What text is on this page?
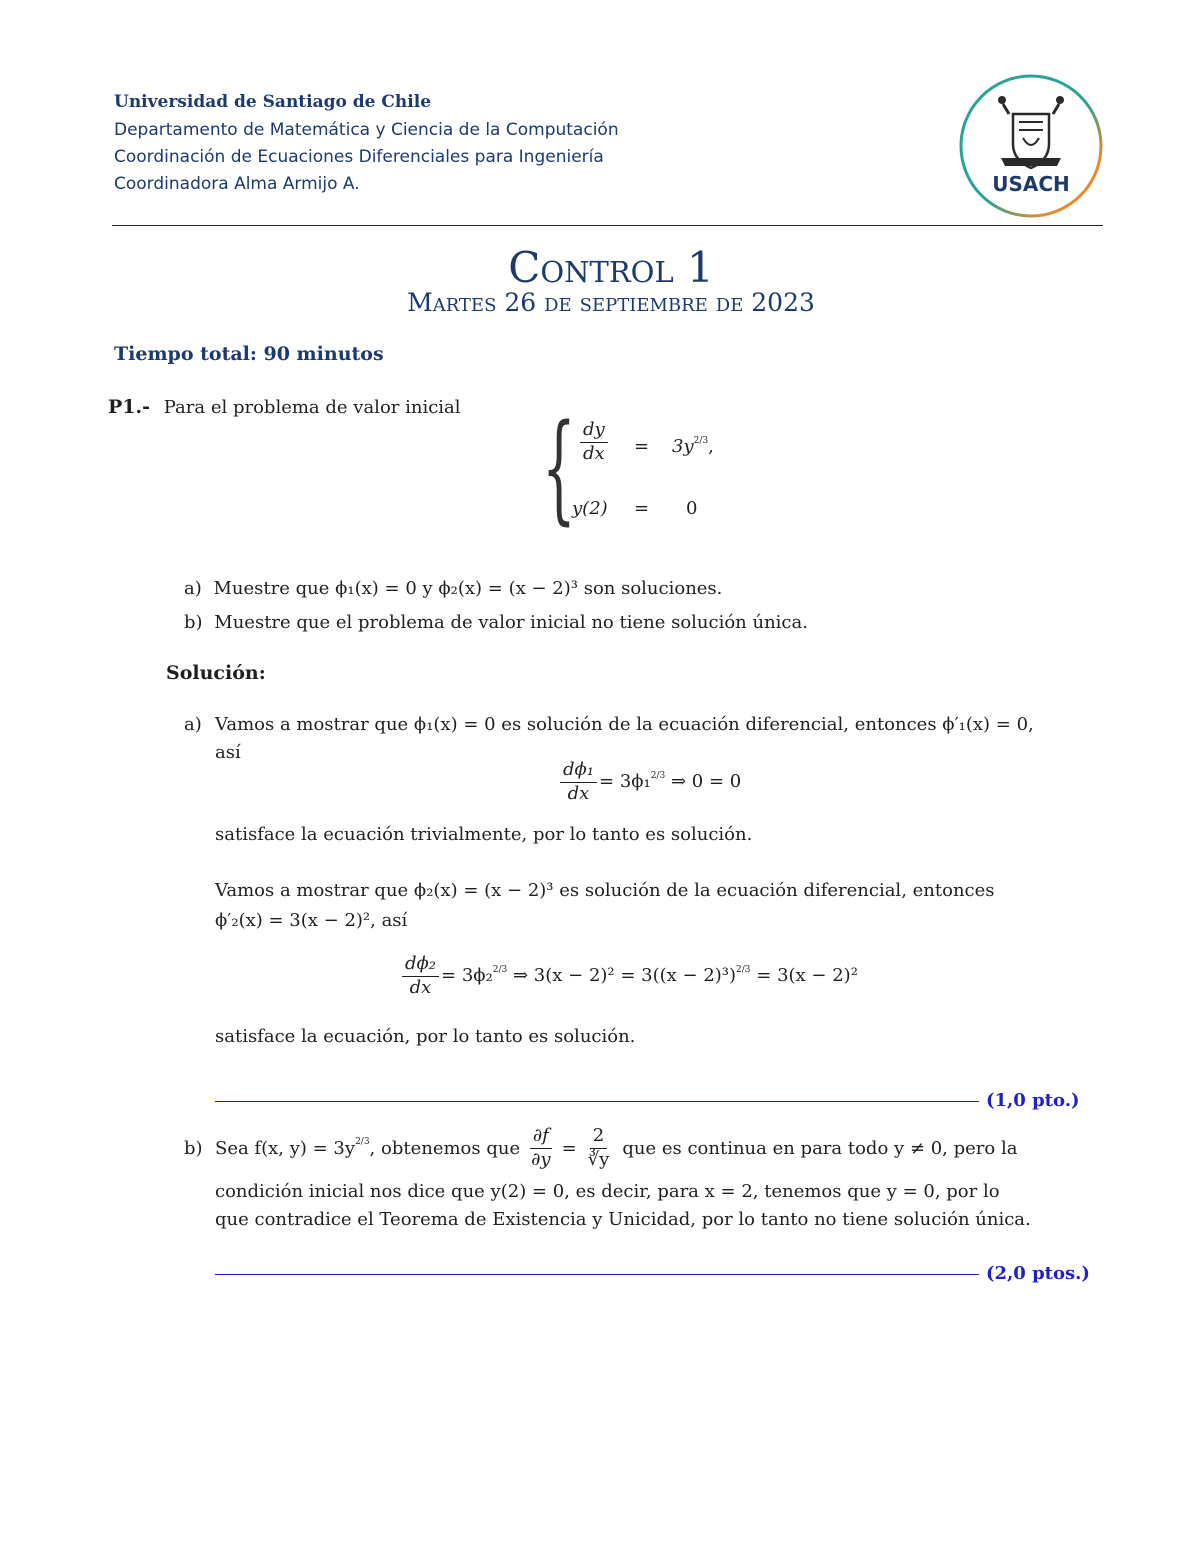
Universidad de Santiago de Chile
Departamento de Matemática y Ciencia de la Computación
Coordinación de Ecuaciones Diferenciales para Ingeniería
Coordinadora Alma Armijo A.	USACH
Control 1
Martes 26 de septiembre de 2023
Tiempo total: 90 minutos
P1.- Para el problema de valor inicial { $\frac{dy}{dx} = 3y^{2/3}$,
y(2) = 0
a) Muestre que ϕ₁(x) = 0 y ϕ₂(x) = (x − 2)³ son soluciones.
b) Muestre que el problema de valor inicial no tiene solución única.
Solución:
a) Vamos a mostrar que ϕ₁(x) = 0 es solución de la ecuación diferencial, entonces ϕ′₁(x) = 0,
así
$\frac{\text{dϕ₁}}{dx} = 3\phi_1^{2/3}$ ⇒ 0 = 0
satisface la ecuación trivialmente, por lo tanto es solución.
Vamos a mostrar que ϕ₂(x) = (x − 2)³ es solución de la ecuación diferencial, entonces
ϕ′₂(x) = 3(x − 2)², así
$\frac{\text{dϕ₂}}{dx} = 3\phi_2^{2/3}$ ⇒ $3(x - 2)^2 = 3((x - 2)^3)^{2/3} = 3(x - 2)^2$
satisface la ecuación, por lo tanto es solución.
(1,0 pto.)
b) Sea f(x, y) = 3y 2/3 , obtenemos que $\frac{\partial f}{\partial y} = \frac{2}{∛y}$ que es continua en para todo y ≠ 0, pero la
condición inicial nos dice que y(2) = 0, es decir, para x = 2, tenemos que y = 0, por lo
que contradice el Teorema de Existencia y Unicidad, por lo tanto no tiene solución única.
(2,0 ptos.)
